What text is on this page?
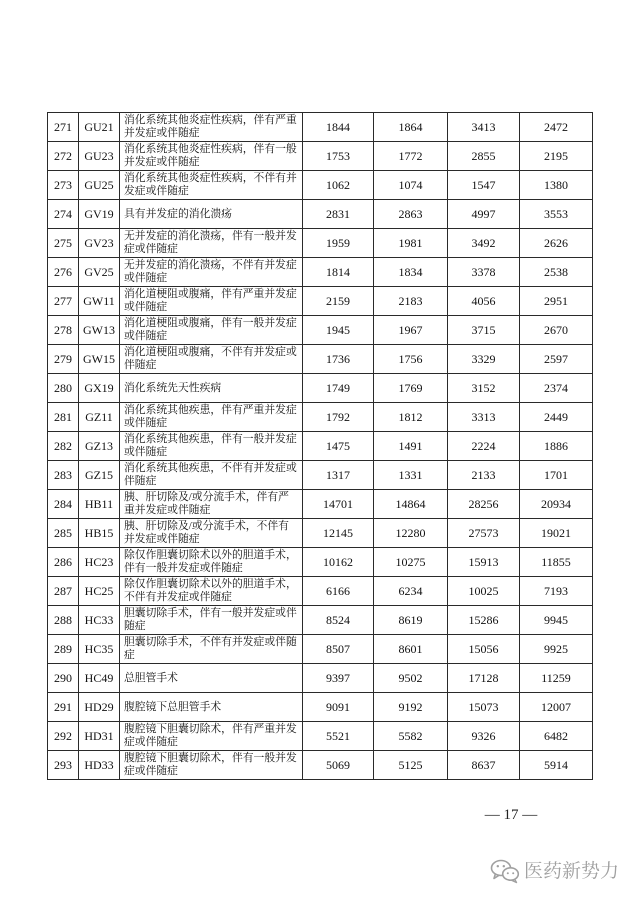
271	GU21	消化系统其他炎症性疾病，伴有严重并发症或伴随症	1844	1864	3413	2472
272	GU23	消化系统其他炎症性疾病，伴有一般并发症或伴随症	1753	1772	2855	2195
273	GU25	消化系统其他炎症性疾病，不伴有并发症或伴随症	1062	1074	1547	1380
274	GV19	具有并发症的消化溃疡	2831	2863	4997	3553
275	GV23	无并发症的消化溃疡，伴有一般并发症或伴随症	1959	1981	3492	2626
276	GV25	无并发症的消化溃疡，不伴有并发症或伴随症	1814	1834	3378	2538
277	GW11	消化道梗阻或腹痛，伴有严重并发症或伴随症	2159	2183	4056	2951
278	GW13	消化道梗阻或腹痛，伴有一般并发症或伴随症	1945	1967	3715	2670
279	GW15	消化道梗阻或腹痛，不伴有并发症或伴随症	1736	1756	3329	2597
280	GX19	消化系统先天性疾病	1749	1769	3152	2374
281	GZ11	消化系统其他疾患，伴有严重并发症或伴随症	1792	1812	3313	2449
282	GZ13	消化系统其他疾患，伴有一般并发症或伴随症	1475	1491	2224	1886
283	GZ15	消化系统其他疾患，不伴有并发症或伴随症	1317	1331	2133	1701
284	HB11	胰、肝切除及/或分流手术，伴有严重并发症或伴随症	14701	14864	28256	20934
285	HB15	胰、肝切除及/或分流手术，不伴有并发症或伴随症	12145	12280	27573	19021
286	HC23	除仅作胆囊切除术以外的胆道手术，伴有一般并发症或伴随症	10162	10275	15913	11855
287	HC25	除仅作胆囊切除术以外的胆道手术，不伴有并发症或伴随症	6166	6234	10025	7193
288	HC33	胆囊切除手术，伴有一般并发症或伴随症	8524	8619	15286	9945
289	HC35	胆囊切除手术，不伴有并发症或伴随症	8507	8601	15056	9925
290	HC49	总胆管手术	9397	9502	17128	11259
291	HD29	腹腔镜下总胆管手术	9091	9192	15073	12007
292	HD31	腹腔镜下胆囊切除术，伴有严重并发症或伴随症	5521	5582	9326	6482
293	HD33	腹腔镜下胆囊切除术，伴有一般并发症或伴随症	5069	5125	8637	5914
— 17 —
医药新势力
